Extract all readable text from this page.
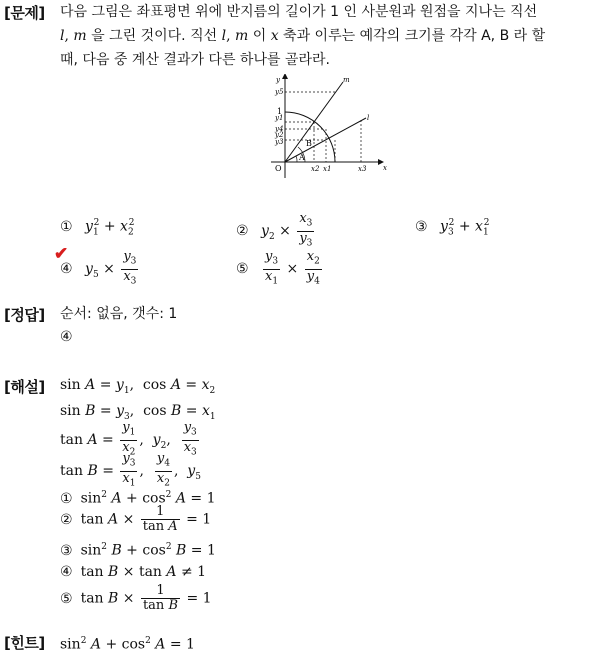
[문제] 다음 그림은 좌표평면 위에 반지름의 길이가 1 인 사분원과 원점을 지나는 직선
l, m 을 그린 것이다. 직선 l, m 이 x 축과 이루는 예각의 크기를 각각 A, B 라 할
때, 다음 중 계산 결과가 다른 하나를 골라라.
y
x
m
l
y5
y1
y4
y2
y3
x2 x1	x3
1
O
A
B
① $y_1^2 + x_2^2$
② $y_2 \times \frac{x_3}{y_3}$	③ $y_3^2 + x_1^2$
④
✔
$y_5 \times \frac{y_3}{x_3}$	⑤ $\frac{y_3}{x_1} \times \frac{x_2}{y_4}$
[정답] 순서: 없음, 갯수: 1
④
[해설] $\sin A = y_1$,  $\cos A = x_2$
$\sin B = y_3$,  $\cos B = x_1$
$\tan A = \frac{y_1}{x_2}$ ,  $y_2$, $\frac{y_3}{x_3}$
$\tan B = \frac{y_3}{x_1}$ , $\frac{y_4}{x_2}$ ,  $y_5$
① $\sin^2 A + \cos^2 A = 1$
② $\tan A \times \frac{1}{\text{tan A}} = 1$
③ $\sin^2 B + \cos^2 B = 1$
④ tan B × tan A ≠ 1
⑤ $\tan B \times \frac{1}{\text{tan B}} = 1$
[힌트] $\sin^2 A + \cos^2 A = 1$
